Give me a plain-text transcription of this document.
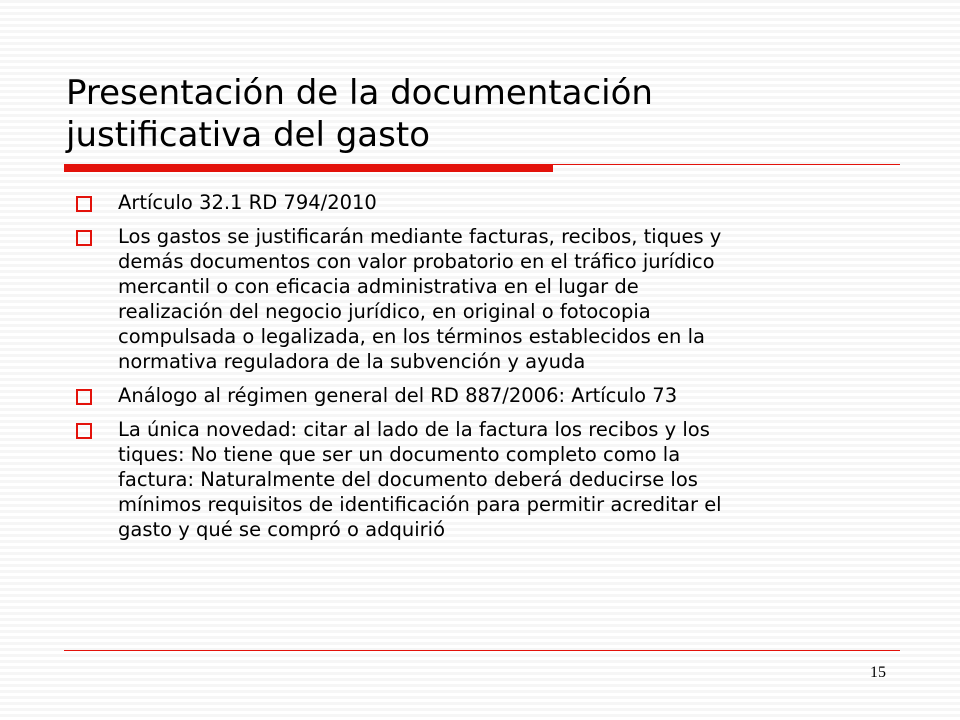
Presentación de la documentación
justificativa del gasto
Artículo 32.1 RD 794/2010
Los gastos se justificarán mediante facturas, recibos, tiques y
demás documentos con valor probatorio en el tráfico jurídico
mercantil o con eficacia administrativa en el lugar de
realización del negocio jurídico, en original o fotocopia
compulsada o legalizada, en los términos establecidos en la
normativa reguladora de la subvención y ayuda
Análogo al régimen general del RD 887/2006: Artículo 73
La única novedad: citar al lado de la factura los recibos y los
tiques: No tiene que ser un documento completo como la
factura: Naturalmente del documento deberá deducirse los
mínimos requisitos de identificación para permitir acreditar el
gasto y qué se compró o adquirió
15
